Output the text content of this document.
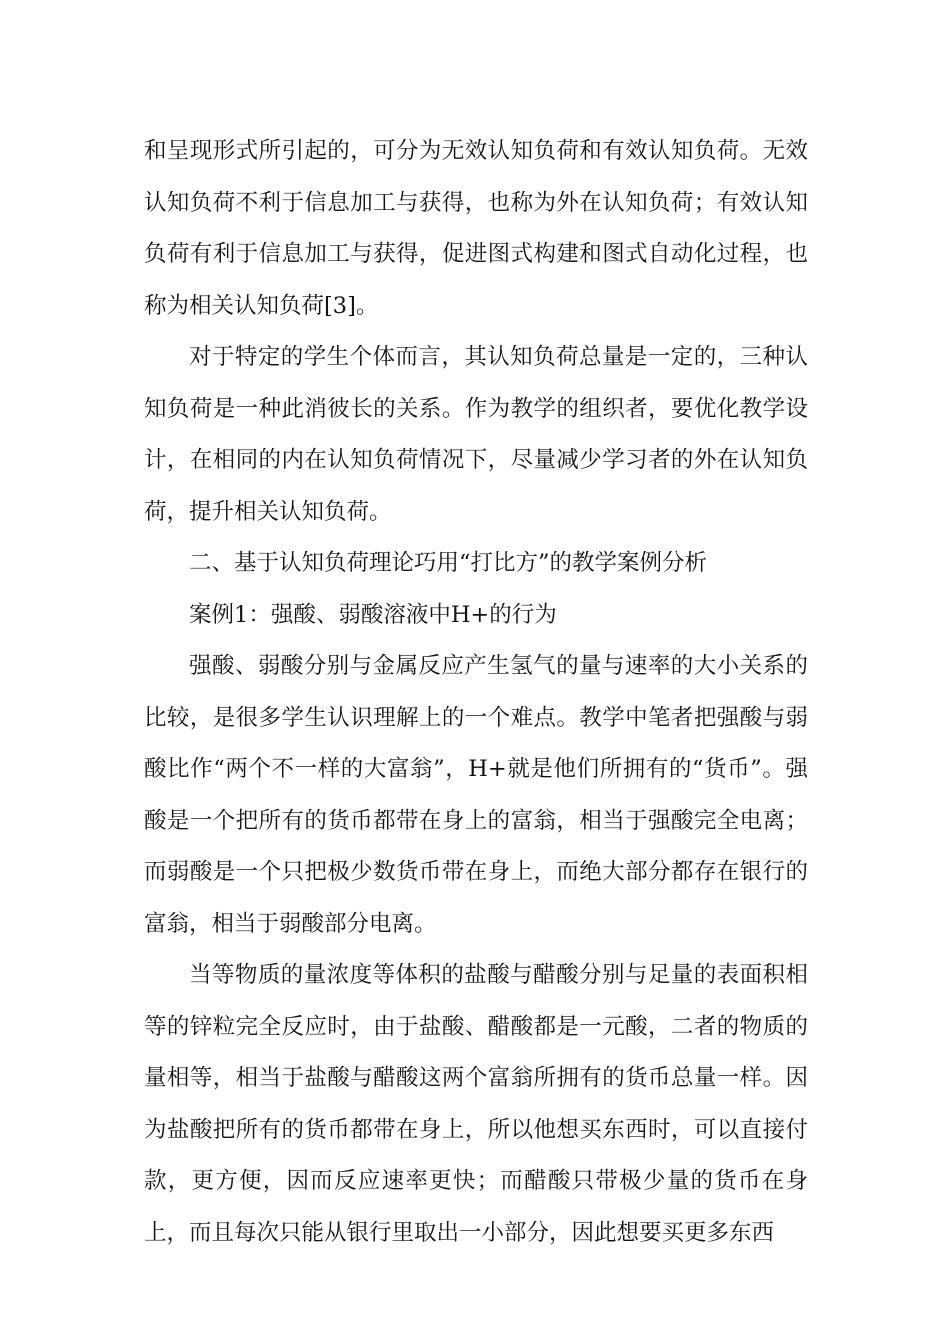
和呈现形式所引起的，可分为无效认知负荷和有效认知负荷。无效认知负荷不利于信息加工与获得，也称为外在认知负荷；有效认知负荷有利于信息加工与获得，促进图式构建和图式自动化过程，也称为相关认知负荷[3]。

对于特定的学生个体而言，其认知负荷总量是一定的，三种认知负荷是一种此消彼长的关系。作为教学的组织者，要优化教学设计，在相同的内在认知负荷情况下，尽量减少学习者的外在认知负荷，提升相关认知负荷。

二、基于认知负荷理论巧用“打比方”的教学案例分析

案例1：强酸、弱酸溶液中H+的行为

强酸、弱酸分别与金属反应产生氢气的量与速率的大小关系的比较，是很多学生认识理解上的一个难点。教学中笔者把强酸与弱酸比作“两个不一样的大富翁”，H+就是他们所拥有的“货币”。强酸是一个把所有的货币都带在身上的富翁，相当于强酸完全电离；而弱酸是一个只把极少数货币带在身上，而绝大部分都存在银行的富翁，相当于弱酸部分电离。

当等物质的量浓度等体积的盐酸与醋酸分别与足量的表面积相等的锌粒完全反应时，由于盐酸、醋酸都是一元酸，二者的物质的量相等，相当于盐酸与醋酸这两个富翁所拥有的货币总量一样。因为盐酸把所有的货币都带在身上，所以他想买东西时，可以直接付款，更方便，因而反应速率更快；而醋酸只带极少量的货币在身上，而且每次只能从银行里取出一小部分，因此想要买更多东西
